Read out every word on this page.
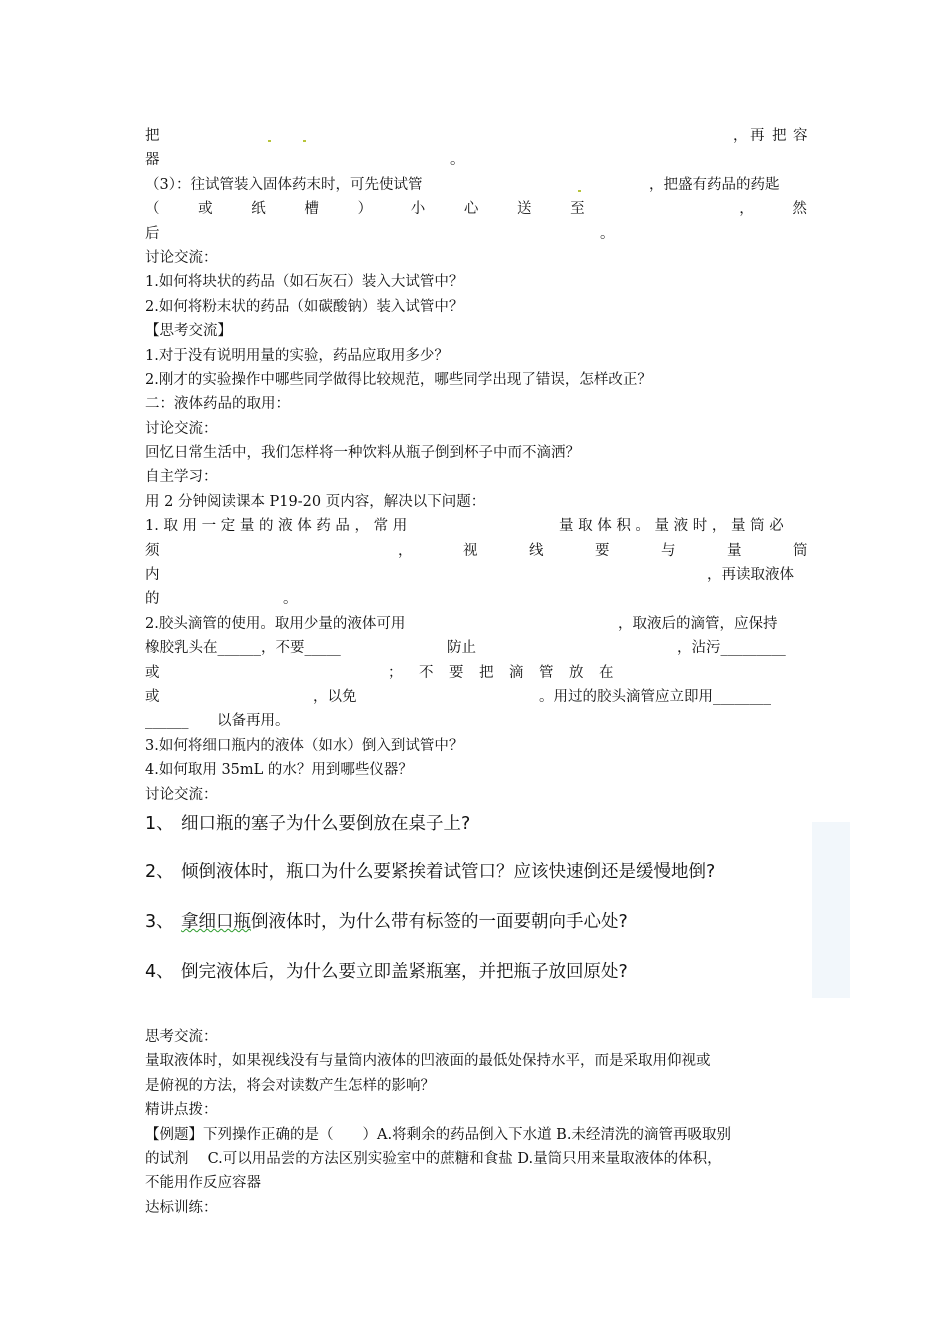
把	， 再 把 容
器	。
（3）：往试管装入固体药末时，可先使试管	，把盛有药品的药匙
（	或	纸	槽	）	小	心	送	至	，	然
后	。
讨论交流：
1.如何将块状的药品（如石灰石）装入大试管中？
2.如何将粉末状的药品（如碳酸钠）装入试管中？
【思考交流】
1.对于没有说明用量的实验，药品应取用多少？
2.刚才的实验操作中哪些同学做得比较规范，哪些同学出现了错误，怎样改正？
二：液体药品的取用：
讨论交流：
回忆日常生活中，我们怎样将一种饮料从瓶子倒到杯子中而不滴洒？
自主学习：
用 2 分钟阅读课本 P19-20 页内容，解决以下问题：
1. 取 用 一 定 量 的 液 体 药 品 ， 常 用	量 取 体 积 。 量 液 时 ， 量 筒 必
须	，	视	线	要	与	量	筒
内	，再读取液体
的	。
2.胶头滴管的使用。取用少量的液体可用	，取液后的滴管，应保持
橡胶乳头在______，不要_____	防止	，沾污_________
或	； 不 要 把 滴 管 放 在
或	，以免	。用过的胶头滴管应立即用________
______ 以备再用。
3.如何将细口瓶内的液体（如水）倒入到试管中？
4.如何取用 35mL 的水？用到哪些仪器？
讨论交流：
1、 细口瓶的塞子为什么要倒放在桌子上?
2、 倾倒液体时，瓶口为什么要紧挨着试管口？应该快速倒还是缓慢地倒?
3、 拿细口瓶倒液体时，为什么带有标签的一面要朝向手心处?
4、 倒完液体后，为什么要立即盖紧瓶塞，并把瓶子放回原处?
思考交流：
量取液体时，如果视线没有与量筒内液体的凹液面的最低处保持水平，而是采取用仰视或
是俯视的方法，将会对读数产生怎样的影响？
精讲点拨：
【例题】下列操作正确的是（　　）A.将剩余的药品倒入下水道 B.未经清洗的滴管再吸取别
的试剂　 C.可以用品尝的方法区别实验室中的蔗糖和食盐 D.量筒只用来量取液体的体积，
不能用作反应容器
达标训练：
